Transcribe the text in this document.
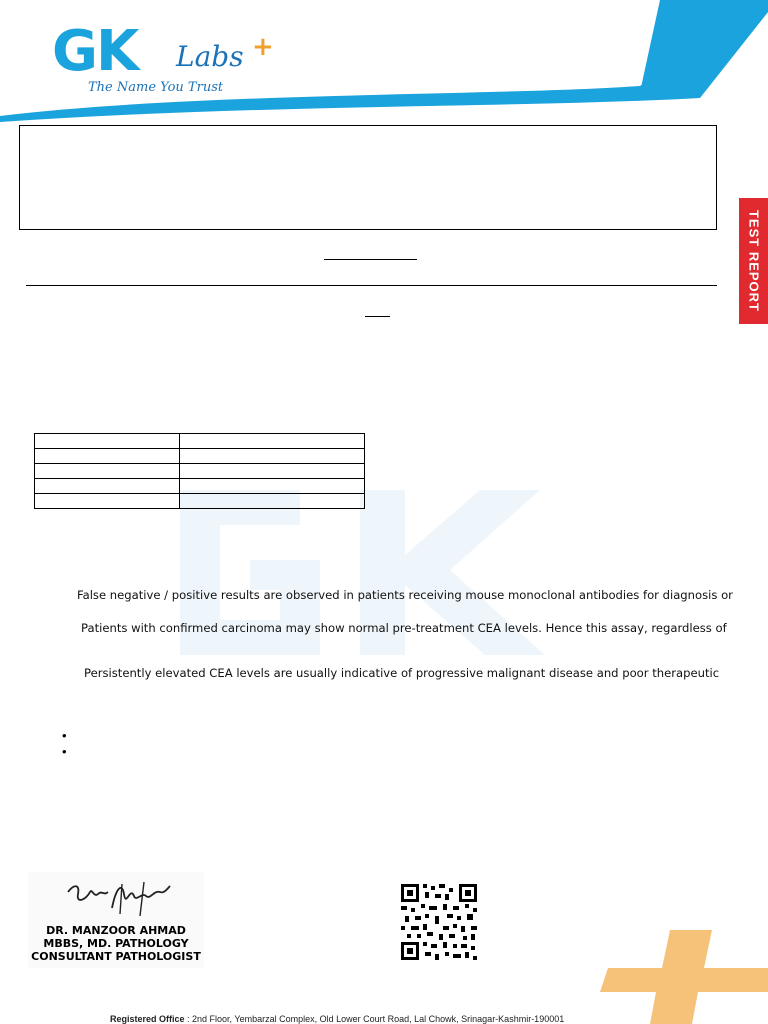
GK Labs +
The Name You Trust
TEST REPORT

False negative / positive results are observed in patients receiving mouse monoclonal antibodies for diagnosis or
Patients with confirmed carcinoma may show normal pre-treatment CEA levels. Hence this assay, regardless of
Persistently elevated CEA levels are usually indicative of progressive malignant disease and poor therapeutic
•
•
DR. MANZOOR AHMAD
MBBS, MD. PATHOLOGY
CONSULTANT PATHOLOGIST
Registered Office : 2nd Floor, Yembarzal Complex, Old Lower Court Road, Lal Chowk, Srinagar-Kashmir-190001
